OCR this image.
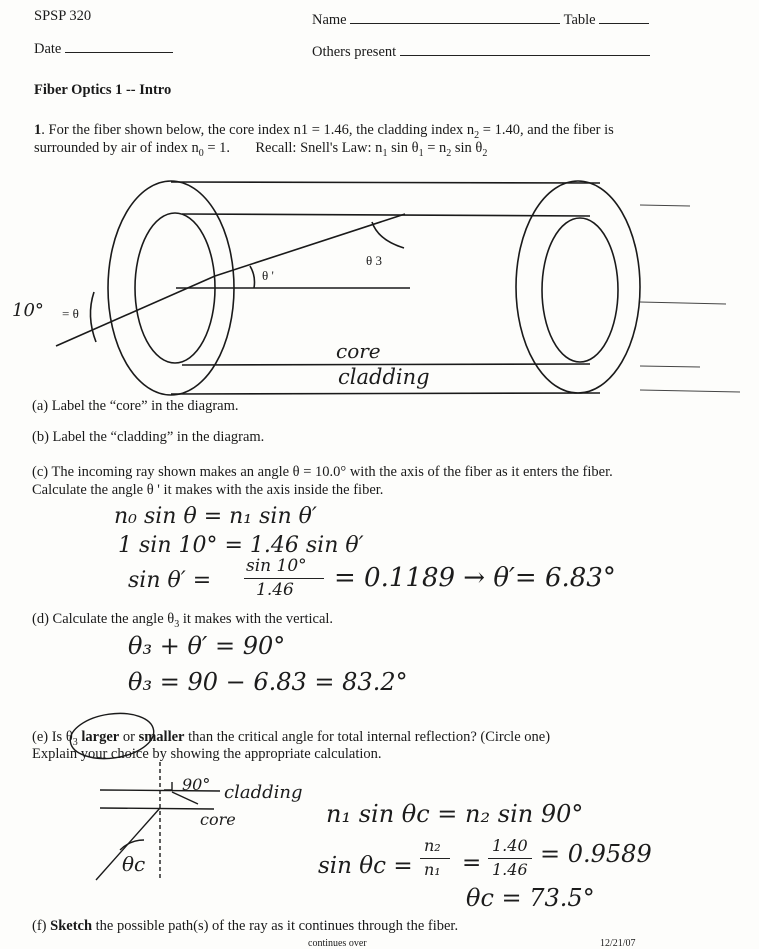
SPSP 320	Name	Table
Date	Others present
Fiber Optics 1 -- Intro
1. For the fiber shown below, the core index n1 = 1.46, the cladding index $n_2 = 1.40$, and the fiber is
surrounded by air of index $n_0 = 1$. Recall: Snell's Law: $n_1$ $\sin \theta_1 = n_2$ $\sin \theta_2$
θ '
θ 3
= θ
10°
core
cladding
(a) Label the “core” in the diagram.
(b) Label the “cladding” in the diagram.
(c) The incoming ray shown makes an angle θ = 10.0° with the axis of the fiber as it enters the fiber.
Calculate the angle θ ' it makes with the axis inside the fiber.
n₀ sin θ = n₁ sin θ′
1 sin 10° = 1.46 sin θ′
sin θ′ =
sin 10°
1.46 = 0.1189 → θ′= 6.83°
(d) Calculate the angle $\theta_3$ it makes with the vertical.
θ₃ + θ′ = 90°
θ₃ = 90 − 6.83 = 83.2°
(e) Is $\theta_3$ larger or smaller than the critical angle for total internal reflection? (Circle one)
Explain your choice by showing the appropriate calculation.
90° cladding
core
θc
n₁ sin θc = n₂ sin 90°
sin θc =
n₂
n₁ =
1.40
1.46
= 0.9589
θc = 73.5°
(f) Sketch the possible path(s) of the ray as it continues through the fiber.
continues over	12/21/07
